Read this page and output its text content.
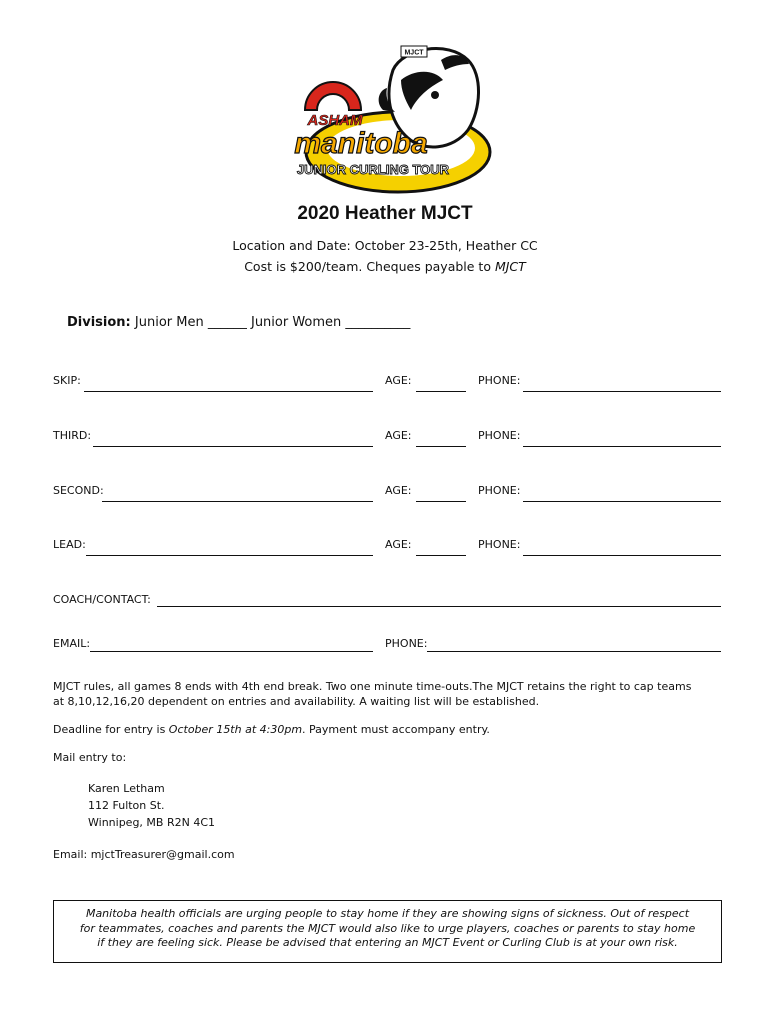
MJCT
ASHAM
manitoba
JUNIOR CURLING TOUR
2020 Heather MJCT
Location and Date: October 23-25th, Heather CC
Cost is $200/team. Cheques payable to MJCT
Division: Junior Men ______ Junior Women __________
SKIP:	AGE:	PHONE:
THIRD:	AGE:	PHONE:
SECOND:	AGE:	PHONE:
LEAD:	AGE:	PHONE:
COACH/CONTACT:
EMAIL:	PHONE:
MJCT rules, all games 8 ends with 4th end break. Two one minute time-outs.The MJCT retains the right to cap teams
at 8,10,12,16,20 dependent on entries and availability. A waiting list will be established.
Deadline for entry is October 15th at 4:30pm. Payment must accompany entry.
Mail entry to:
Karen Letham
112 Fulton St.
Winnipeg, MB R2N 4C1
Email: mjctTreasurer@gmail.com
Manitoba health officials are urging people to stay home if they are showing signs of sickness. Out of respect
for teammates, coaches and parents the MJCT would also like to urge players, coaches or parents to stay home
if they are feeling sick. Please be advised that entering an MJCT Event or Curling Club is at your own risk.
